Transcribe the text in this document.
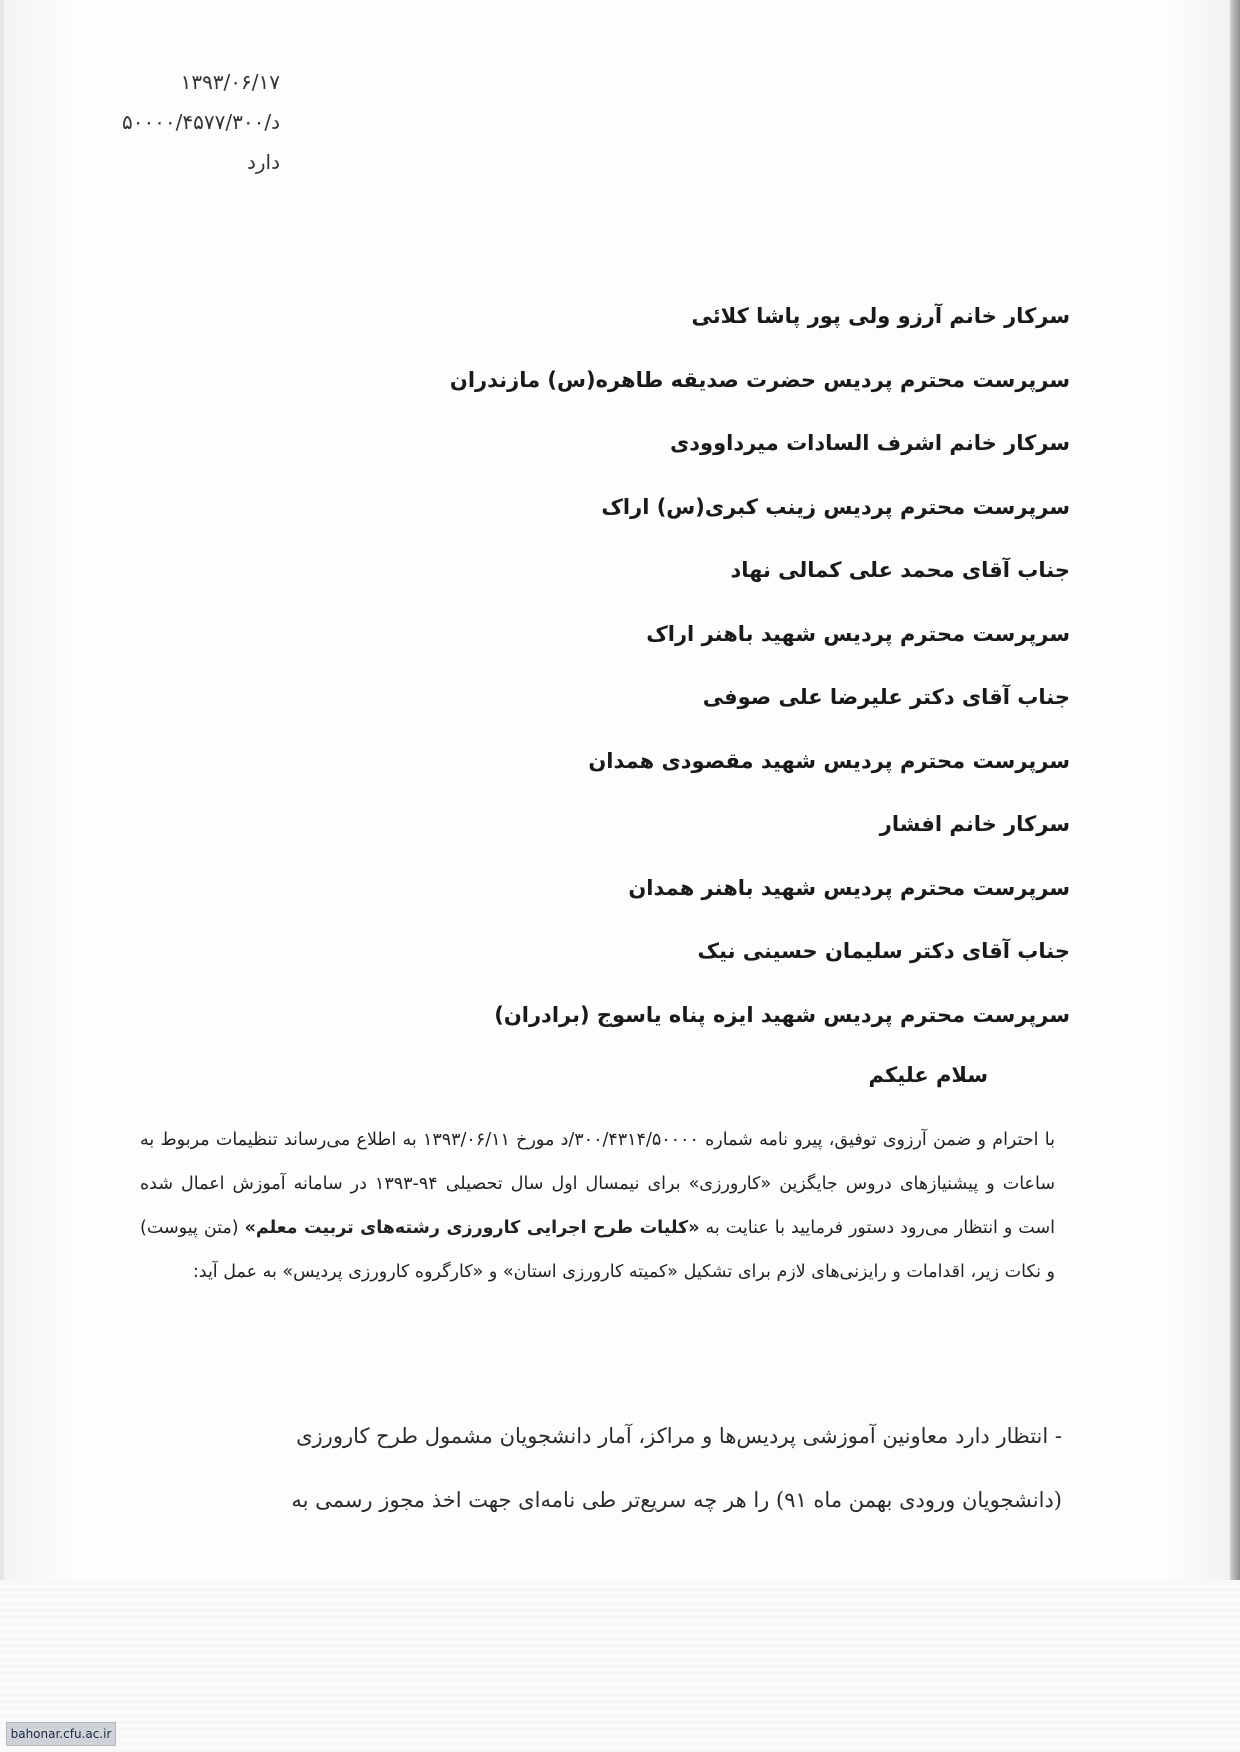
۱۳۹۳/۰۶/۱۷
د/۵۰۰۰۰/۴۵۷۷/۳۰۰
دارد
سرکار خانم آرزو ولی پور پاشا کلائی
سرپرست محترم پردیس حضرت صدیقه طاهره(س) مازندران
سرکار خانم اشرف السادات میرداوودی
سرپرست محترم پردیس زینب کبری(س) اراک
جناب آقای محمد علی کمالی نهاد
سرپرست محترم پردیس شهید باهنر اراک
جناب آقای دکتر علیرضا علی صوفی
سرپرست محترم پردیس شهید مقصودی همدان
سرکار خانم افشار
سرپرست محترم پردیس شهید باهنر همدان
جناب آقای دکتر سلیمان حسینی نیک
سرپرست محترم پردیس شهید ایزه پناه یاسوج (برادران)
سلام علیکم

با احترام و ضمن آرزوی توفیق، پیرو نامه شماره ۳۰۰/۴۳۱۴/۵۰۰۰۰/د مورخ ۱۳۹۳/۰۶/۱۱ به اطلاع می‌رساند تنظیمات مربوط به ساعات و پیشنیازهای دروس جایگزین «کارورزی» برای نیمسال اول سال تحصیلی ۹۴-۱۳۹۳ در سامانه آموزش اعمال شده است و انتظار می‌رود دستور فرمایید با عنایت به «کلیات طرح اجرایی کارورزی رشته‌های تربیت معلم» (متن پیوست) و نکات زیر، اقدامات و رایزنی‌های لازم برای تشکیل «کمیته کارورزی استان» و «کارگروه کارورزی پردیس» به عمل آید:

- انتظار دارد معاونین آموزشی پردیس‌ها و مراکز، آمار دانشجویان مشمول طرح کارورزی

(دانشجویان ورودی بهمن ماه ۹۱) را هر چه سریع‌تر طی نامه‌ای جهت اخذ مجوز رسمی به

bahonar.cfu.ac.ir
